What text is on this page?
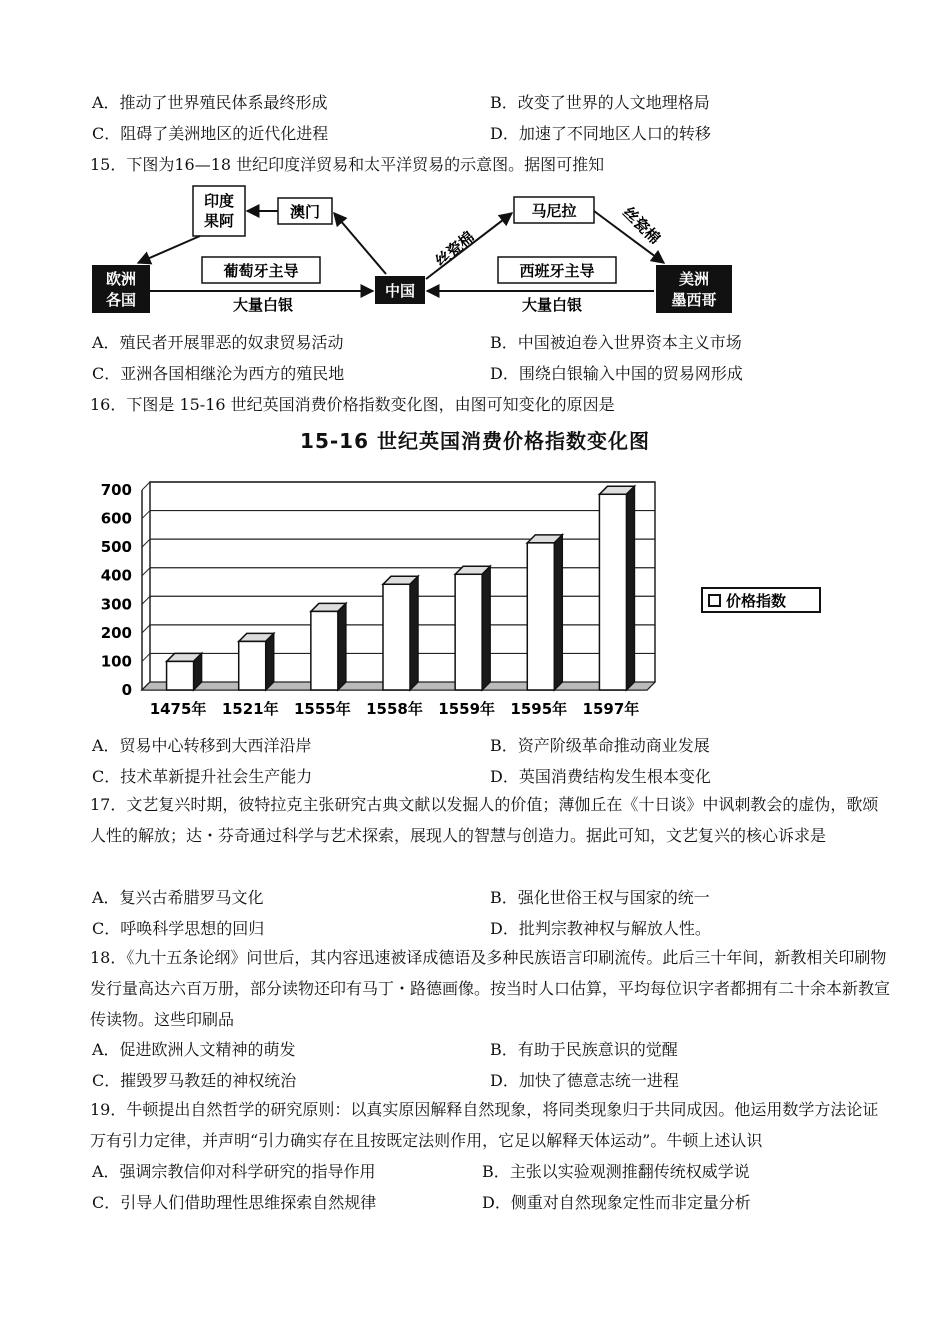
A．推动了世界殖民体系最终形成	B．改变了世界的人文地理格局
C．阻碍了美洲地区的近代化进程	D．加速了不同地区人口的转移
15．下图为16—18 世纪印度洋贸易和太平洋贸易的示意图。据图可推知
印度
果阿	澳门
欧洲
各国
葡萄牙主导
大量白银
中国
马尼拉
西班牙主导
大量白银
美洲
墨西哥
丝瓷棉
丝瓷棉
A．殖民者开展罪恶的奴隶贸易活动	B．中国被迫卷入世界资本主义市场
C．亚洲各国相继沦为西方的殖民地	D．围绕白银输入中国的贸易网形成
16．下图是 15-16 世纪英国消费价格指数变化图，由图可知变化的原因是
15-16 世纪英国消费价格指数变化图
0
100
200
300
400
500
600
700
1475年 1521年 1555年 1558年 1559年 1595年 1597年
价格指数
A．贸易中心转移到大西洋沿岸	B．资产阶级革命推动商业发展
C．技术革新提升社会生产能力	D．英国消费结构发生根本变化
17．文艺复兴时期，彼特拉克主张研究古典文献以发掘人的价值；薄伽丘在《十日谈》中讽刺教会的虚伪，歌颂人性的解放；达・芬奇通过科学与艺术探索，展现人的智慧与创造力。据此可知，文艺复兴的核心诉求是
A．复兴古希腊罗马文化	B．强化世俗王权与国家的统一
C．呼唤科学思想的回归	D．批判宗教神权与解放人性。
18．《九十五条论纲》问世后，其内容迅速被译成德语及多种民族语言印刷流传。此后三十年间，新教相关印刷物发行量高达六百万册，部分读物还印有马丁・路德画像。按当时人口估算，平均每位识字者都拥有二十余本新教宣传读物。这些印刷品
A．促进欧洲人文精神的萌发	B．有助于民族意识的觉醒
C．摧毁罗马教廷的神权统治	D．加快了德意志统一进程
19．牛顿提出自然哲学的研究原则：以真实原因解释自然现象，将同类现象归于共同成因。他运用数学方法论证万有引力定律，并声明“引力确实存在且按既定法则作用，它足以解释天体运动”。牛顿上述认识
A．强调宗教信仰对科学研究的指导作用	B．主张以实验观测推翻传统权威学说
C．引导人们借助理性思维探索自然规律	D．侧重对自然现象定性而非定量分析
